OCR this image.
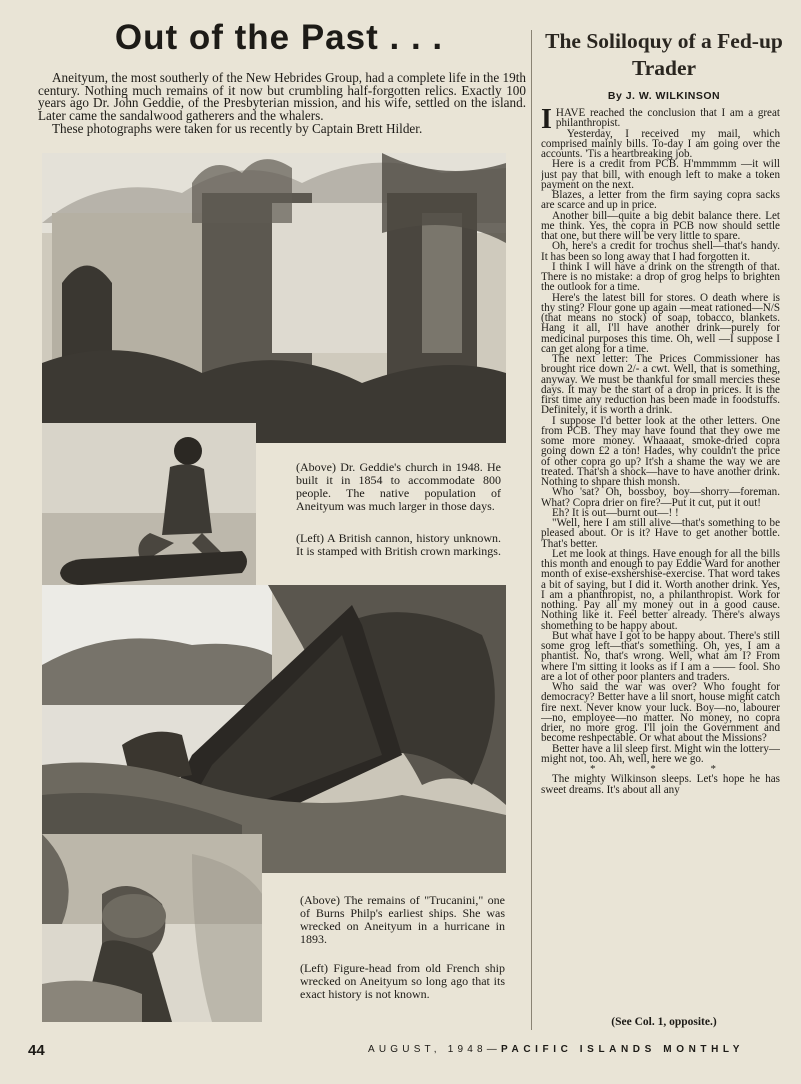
Out of the Past . . .

Aneityum, the most southerly of the New Hebrides Group, had a complete life in the 19th century. Nothing much remains of it now but crumbling half-forgotten relics. Exactly 100 years ago Dr. John Geddie, of the Presbyterian mission, and his wife, settled on the island. Later came the sandalwood gatherers and the whalers.

These photographs were taken for us recently by Captain Brett Hilder.

(Above) Dr. Geddie's church in 1948. He built it in 1854 to accommodate 800 people. The native population of Aneityum was much larger in those days.

(Left) A British cannon, history unknown. It is stamped with British crown markings.

(Above) The remains of "Trucanini," one of Burns Philp's earliest ships. She was wrecked on Aneityum in a hurricane in 1893.

(Left) Figure-head from old French ship wrecked on Aneityum so long ago that its exact history is not known.

The Soliloquy of a Fed-up Trader

By J. W. WILKINSON

IHAVE reached the conclusion that I am a great philanthropist.

Yesterday, I received my mail, which comprised mainly bills. To-day I am going over the accounts. 'Tis a heartbreaking job.

Here is a credit from PCB. H'mmmmm —it will just pay that bill, with enough left to make a token payment on the next.

Blazes, a letter from the firm saying copra sacks are scarce and up in price.

Another bill—quite a big debit balance there. Let me think. Yes, the copra in PCB now should settle that one, but there will be very little to spare.

Oh, here's a credit for trochus shell—that's handy. It has been so long away that I had forgotten it.

I think I will have a drink on the strength of that. There is no mistake: a drop of grog helps to brighten the outlook for a time.

Here's the latest bill for stores. O death where is thy sting? Flour gone up again —meat rationed—N/S (that means no stock) of soap, tobacco, blankets. Hang it all, I'll have another drink—purely for medicinal purposes this time. Oh, well —I suppose I can get along for a time.

The next letter: The Prices Commissioner has brought rice down 2/- a cwt. Well, that is something, anyway. We must be thankful for small mercies these days. It may be the start of a drop in prices. It is the first time any reduction has been made in foodstuffs. Definitely, it is worth a drink.

I suppose I'd better look at the other letters. One from PCB. They may have found that they owe me some more money. Whaaaat, smoke-dried copra going down £2 a ton! Hades, why couldn't the price of other copra go up? It'sh a shame the way we are treated. That'sh a shock—have to have another drink. Nothing to shpare thish monsh.

Who 'sat? Oh, bossboy, boy—shorry—foreman. What? Copra drier on fire?—Put it cut, put it out!

Eh? It is out—burnt out—! !

"Well, here I am still alive—that's something to be pleased about. Or is it? Have to get another bottle. That's better.

Let me look at things. Have enough for all the bills this month and enough to pay Eddie Ward for another month of exise-exshershise-exercise. That word takes a bit of saying, but I did it. Worth another drink. Yes, I am a phanthropist, no, a philanthropist. Work for nothing. Pay all my money out in a good cause. Nothing like it. Feel better already. There's always shomething to be happy about.

But what have I got to be happy about. There's still some grog left—that's something. Oh, yes, I am a phantist. No, that's wrong. Well, what am I? From where I'm sitting it looks as if I am a —— fool. Sho are a lot of other poor planters and traders.

Who said the war was over? Who fought for democracy? Better have a lil snort, house might catch fire next. Never know your luck. Boy—no, labourer—no, employee—no matter. No money, no copra drier, no more grog. I'll join the Government and become reshpectable. Or what about the Missions?

Better have a lil sleep first. Might win the lottery—might not, too. Ah, well, here we go.

* * *

The mighty Wilkinson sleeps. Let's hope he has sweet dreams. It's about all any

(See Col. 1, opposite.)

44	AUGUST, 1948—PACIFIC ISLANDS MONTHLY
